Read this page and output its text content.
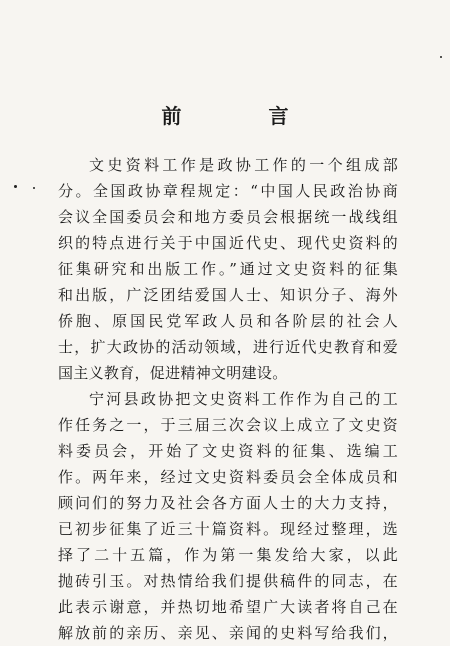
前 言
文史资料工作是政协工作的一个组成部
分。全国政协章程规定：“中国人民政治协商
会议全国委员会和地方委员会根据统一战线组
织的特点进行关于中国近代史、现代史资料的
征集研究和出版工作。”通过文史资料的征集
和出版，广泛团结爱国人士、知识分子、海外
侨胞、原国民党军政人员和各阶层的社会人
士，扩大政协的活动领域，进行近代史教育和爱
国主义教育，促进精神文明建设。
宁河县政协把文史资料工作作为自己的工
作任务之一，于三届三次会议上成立了文史资
料委员会，开始了文史资料的征集、选编工
作。两年来，经过文史资料委员会全体成员和
顾问们的努力及社会各方面人士的大力支持，
已初步征集了近三十篇资料。现经过整理，选
择了二十五篇，作为第一集发给大家，以此
抛砖引玉。对热情给我们提供稿件的同志，在
此表示谢意，并热切地希望广大读者将自己在
解放前的亲历、亲见、亲闻的史料写给我们，
